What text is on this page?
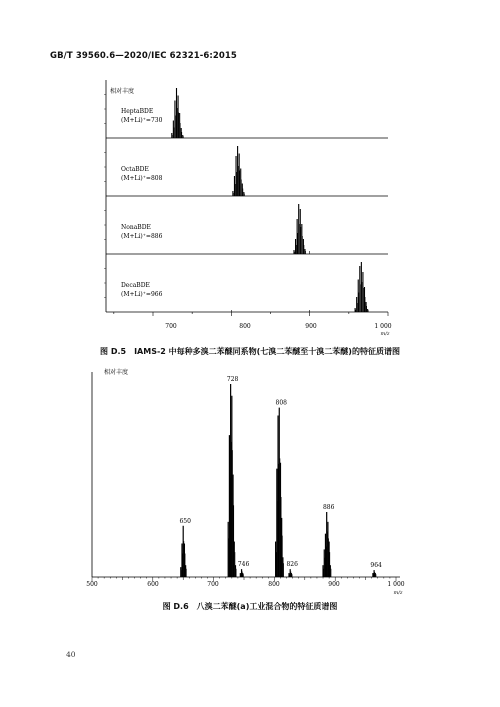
GB/T 39560.6—2020/IEC 62321-6:2015
HeptaBDE
(M+Li)⁺=730
OctaBDE
(M+Li)⁺=808
NonaBDE
(M+Li)⁺=886
DecaBDE
(M+Li)⁺=966
相对丰度
700	800	900	1 000
m/z
图 D.5　IAMS-2 中每种多溴二苯醚同系物(七溴二苯醚至十溴二苯醚)的特征质谱图
650
728
746
808
826
886
964
相对丰度
500	600	700	800	900	1 000
m/z
图 D.6　八溴二苯醚(a)工业混合物的特征质谱图
40
